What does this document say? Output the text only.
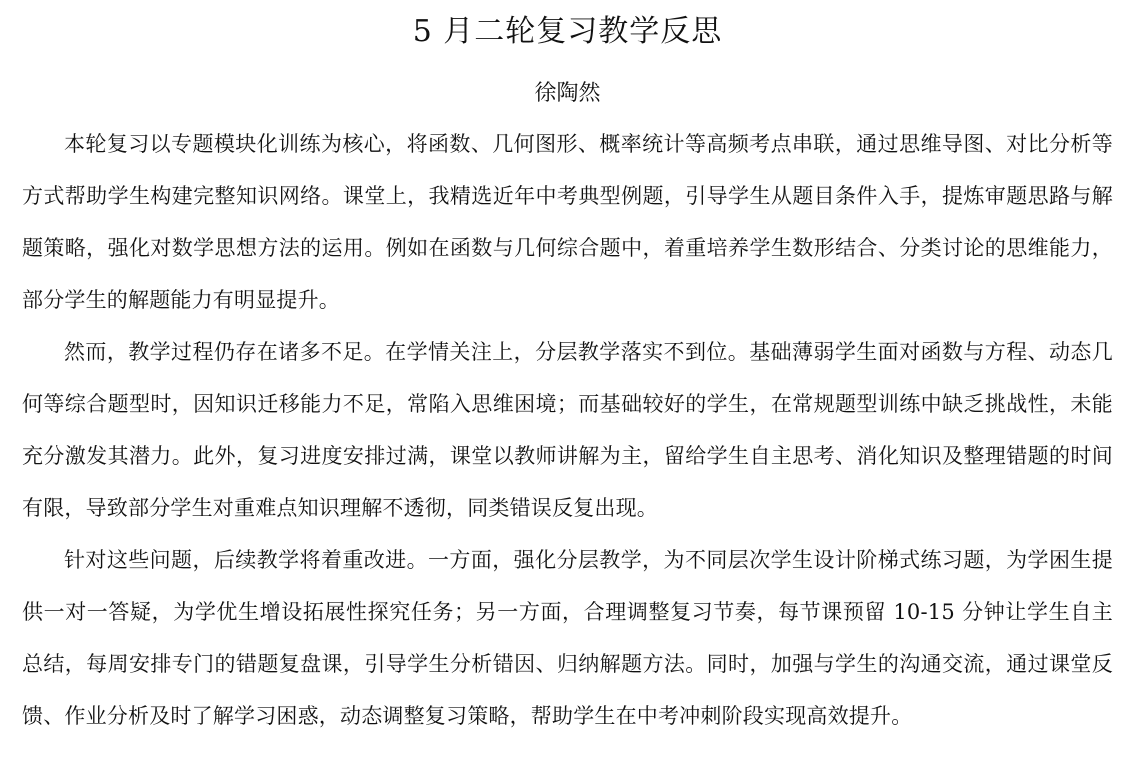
5 月二轮复习教学反思
徐陶然

本轮复习以专题模块化训练为核心，将函数、几何图形、概率统计等高频考点串联，通过思维导图、对比分析等方式帮助学生构建完整知识网络。课堂上，我精选近年中考典型例题，引导学生从题目条件入手，提炼审题思路与解题策略，强化对数学思想方法的运用。例如在函数与几何综合题中，着重培养学生数形结合、分类讨论的思维能力，部分学生的解题能力有明显提升。

然而，教学过程仍存在诸多不足。在学情关注上，分层教学落实不到位。基础薄弱学生面对函数与方程、动态几何等综合题型时，因知识迁移能力不足，常陷入思维困境；而基础较好的学生，在常规题型训练中缺乏挑战性，未能充分激发其潜力。此外，复习进度安排过满，课堂以教师讲解为主，留给学生自主思考、消化知识及整理错题的时间有限，导致部分学生对重难点知识理解不透彻，同类错误反复出现。

针对这些问题，后续教学将着重改进。一方面，强化分层教学，为不同层次学生设计阶梯式练习题，为学困生提供一对一答疑，为学优生增设拓展性探究任务；另一方面，合理调整复习节奏，每节课预留 10-15 分钟让学生自主总结，每周安排专门的错题复盘课，引导学生分析错因、归纳解题方法。同时，加强与学生的沟通交流，通过课堂反馈、作业分析及时了解学习困惑，动态调整复习策略，帮助学生在中考冲刺阶段实现高效提升。
